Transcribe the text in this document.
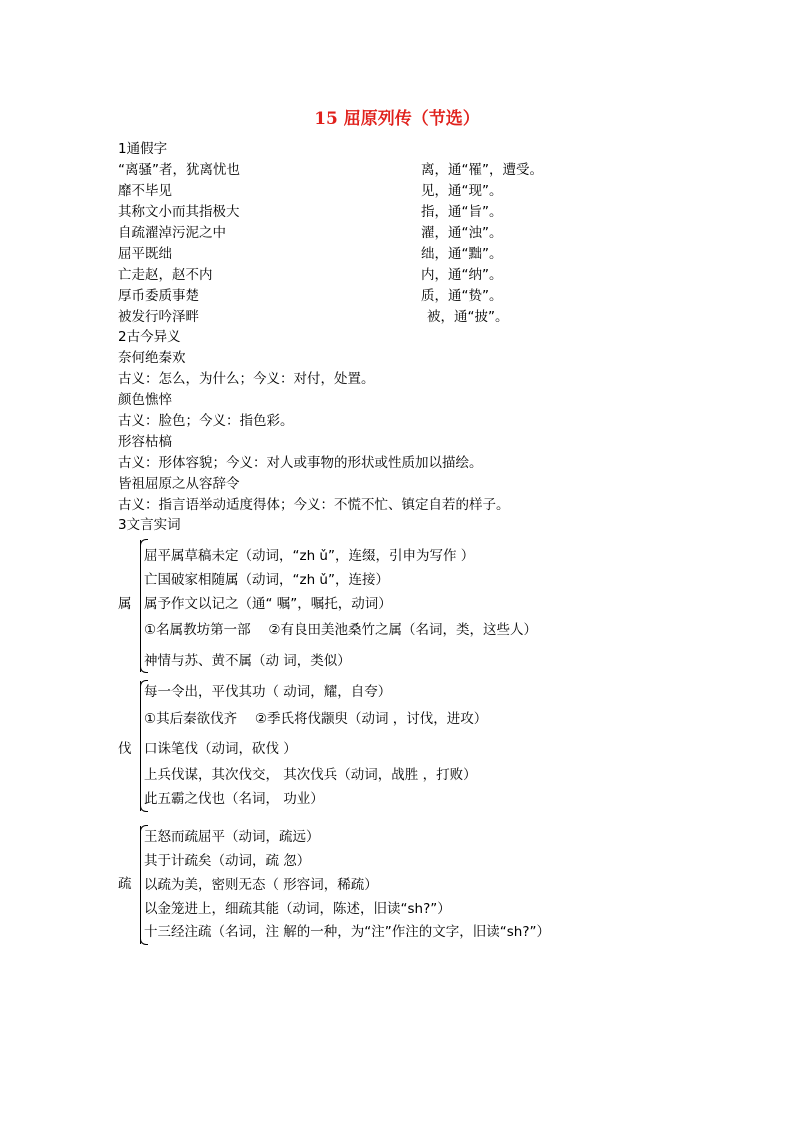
15 屈原列传（节选）
1通假字
“离骚”者，犹离忧也	离，通“罹”，遭受。
靡不毕见	见，通“现”。
其称文小而其指极大	指，通“旨”。
自疏濯淖污泥之中	濯，通“浊”。
屈平既绌	绌，通“黜”。
亡走赵，赵不内	内，通“纳”。
厚币委质事楚	质，通“贽”。
被发行吟泽畔	被，通“披”。
2古今异义
奈何绝秦欢
古义：怎么，为什么；今义：对付，处置。
颜色憔悴
古义：脸色；今义：指色彩。
形容枯槁
古义：形体容貌；今义：对人或事物的形状或性质加以描绘。
皆祖屈原之从容辞令
古义：指言语举动适度得体；今义：不慌不忙、镇定自若的样子。
3文言实词
属
屈平属草稿未定（动词，“zh ǔ”，连缀，引申为写作 ）
亡国破家相随属（动词，“zh ǔ”，连接）
属予作文以记之（通“ 嘱”，嘱托，动词）
①名属教坊第一部　 ②有良田美池桑竹之属（名词，类，这些人）
神情与苏、黄不属（动 词，类似）
伐
每一令出，平伐其功（ 动词，耀，自夸）
①其后秦欲伐齐　 ②季氏将伐颛臾（动词 ，讨伐，进攻）
口诛笔伐（动词，砍伐 ）
上兵伐谋，其次伐交， 其次伐兵（动词，战胜 ，打败）
此五霸之伐也（名词， 功业）
疏
王怒而疏屈平（动词，疏远）
其于计疏矣（动词，疏 忽）
以疏为美，密则无态（ 形容词，稀疏）
以金笼进上，细疏其能（动词，陈述，旧读“sh?”）
十三经注疏（名词，注 解的一种，为“注”作注的文字，旧读“sh?”）
